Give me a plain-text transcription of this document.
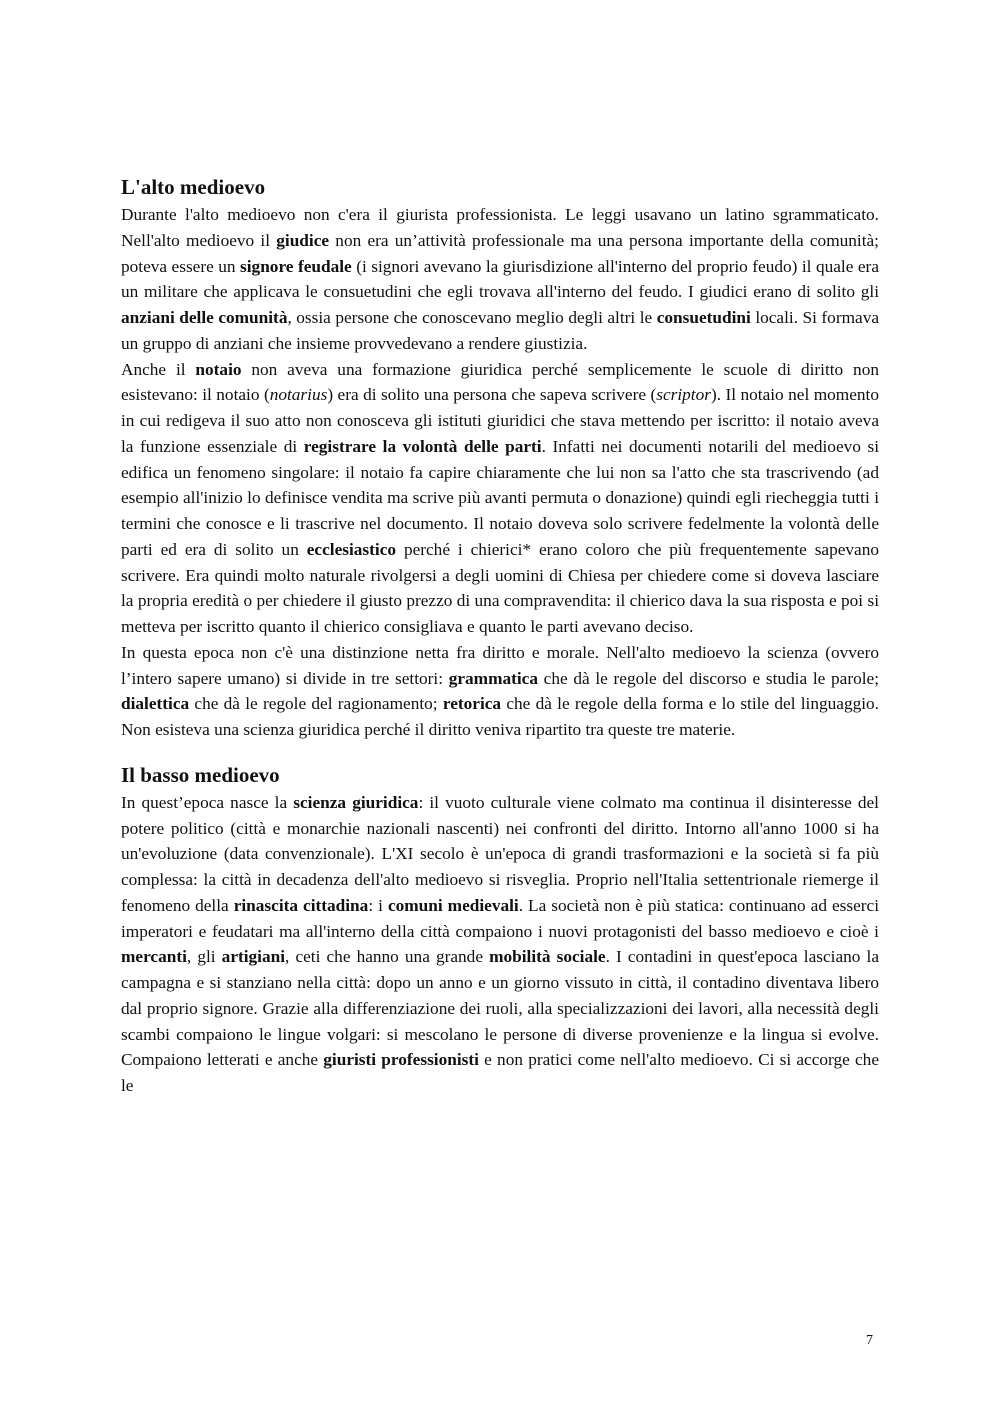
L'alto medioevo

Durante l'alto medioevo non c'era il giurista professionista. Le leggi usavano un latino sgrammaticato. Nell'alto medioevo il giudice non era un’attività professionale ma una persona importante della comunità; poteva essere un signore feudale (i signori avevano la giurisdizione all'interno del proprio feudo) il quale era un militare che applicava le consuetudini che egli trovava all'interno del feudo. I giudici erano di solito gli anziani delle comunità, ossia persone che conoscevano meglio degli altri le consuetudini locali. Si formava un gruppo di anziani che insieme provvedevano a rendere giustizia.

Anche il notaio non aveva una formazione giuridica perché semplicemente le scuole di diritto non esistevano: il notaio (notarius) era di solito una persona che sapeva scrivere (scriptor). Il notaio nel momento in cui redigeva il suo atto non conosceva gli istituti giuridici che stava mettendo per iscritto: il notaio aveva la funzione essenziale di registrare la volontà delle parti. Infatti nei documenti notarili del medioevo si edifica un fenomeno singolare: il notaio fa capire chiaramente che lui non sa l'atto che sta trascrivendo (ad esempio all'inizio lo definisce vendita ma scrive più avanti permuta o donazione) quindi egli riecheggia tutti i termini che conosce e li trascrive nel documento. Il notaio doveva solo scrivere fedelmente la volontà delle parti ed era di solito un ecclesiastico perché i chierici* erano coloro che più frequentemente sapevano scrivere. Era quindi molto naturale rivolgersi a degli uomini di Chiesa per chiedere come si doveva lasciare la propria eredità o per chiedere il giusto prezzo di una compravendita: il chierico dava la sua risposta e poi si metteva per iscritto quanto il chierico consigliava e quanto le parti avevano deciso.

In questa epoca non c'è una distinzione netta fra diritto e morale. Nell'alto medioevo la scienza (ovvero l’intero sapere umano) si divide in tre settori: grammatica che dà le regole del discorso e studia le parole; dialettica che dà le regole del ragionamento; retorica che dà le regole della forma e lo stile del linguaggio. Non esisteva una scienza giuridica perché il diritto veniva ripartito tra queste tre materie.

Il basso medioevo

In quest’epoca nasce la scienza giuridica: il vuoto culturale viene colmato ma continua il disinteresse del potere politico (città e monarchie nazionali nascenti) nei confronti del diritto. Intorno all'anno 1000 si ha un'evoluzione (data convenzionale). L'XI secolo è un'epoca di grandi trasformazioni e la società si fa più complessa: la città in decadenza dell'alto medioevo si risveglia. Proprio nell'Italia settentrionale riemerge il fenomeno della rinascita cittadina: i comuni medievali. La società non è più statica: continuano ad esserci imperatori e feudatari ma all'interno della città compaiono i nuovi protagonisti del basso medioevo e cioè i mercanti, gli artigiani, ceti che hanno una grande mobilità sociale. I contadini in quest'epoca lasciano la campagna e si stanziano nella città: dopo un anno e un giorno vissuto in città, il contadino diventava libero dal proprio signore. Grazie alla differenziazione dei ruoli, alla specializzazioni dei lavori, alla necessità degli scambi compaiono le lingue volgari: si mescolano le persone di diverse provenienze e la lingua si evolve. Compaiono letterati e anche giuristi professionisti e non pratici come nell'alto medioevo. Ci si accorge che le

7
